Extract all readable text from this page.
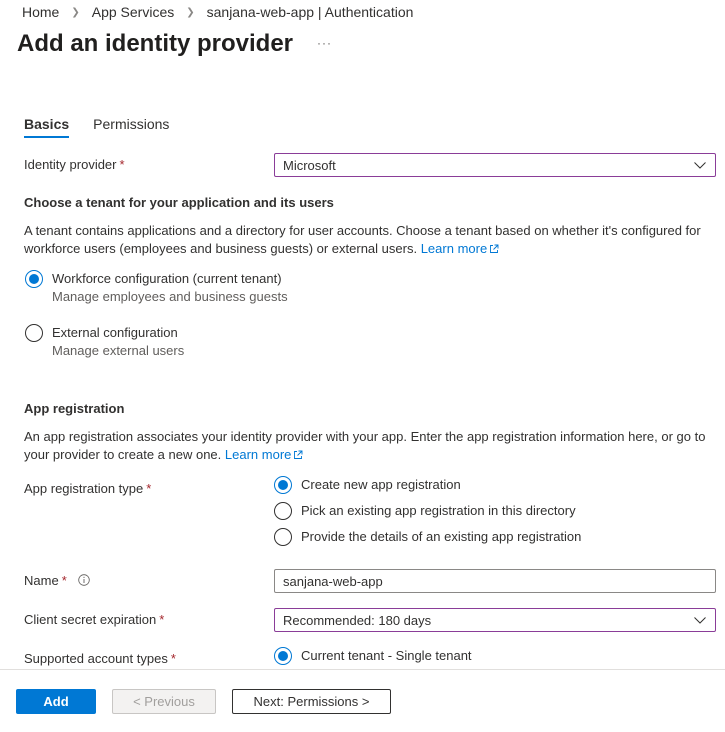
Home ❯ App Services ❯ sanjana-web-app | Authentication
Add an identity provider ···
Basics Permissions
Identity provider *	Microsoft
Choose a tenant for your application and its users
A tenant contains applications and a directory for user accounts. Choose a tenant based on whether it's configured for workforce users (employees and business guests) or external users. Learn more
Workforce configuration (current tenant)
Manage employees and business guests
External configuration
Manage external users
App registration
An app registration associates your identity provider with your app. Enter the app registration information here, or go to your provider to create a new one. Learn more
App registration type *	Create new app registration
Pick an existing app registration in this directory
Provide the details of an existing app registration
Name *	sanjana-web-app
Client secret expiration *	Recommended: 180 days
Supported account types *	Current tenant - Single tenant
Add	< Previous	Next: Permissions >
